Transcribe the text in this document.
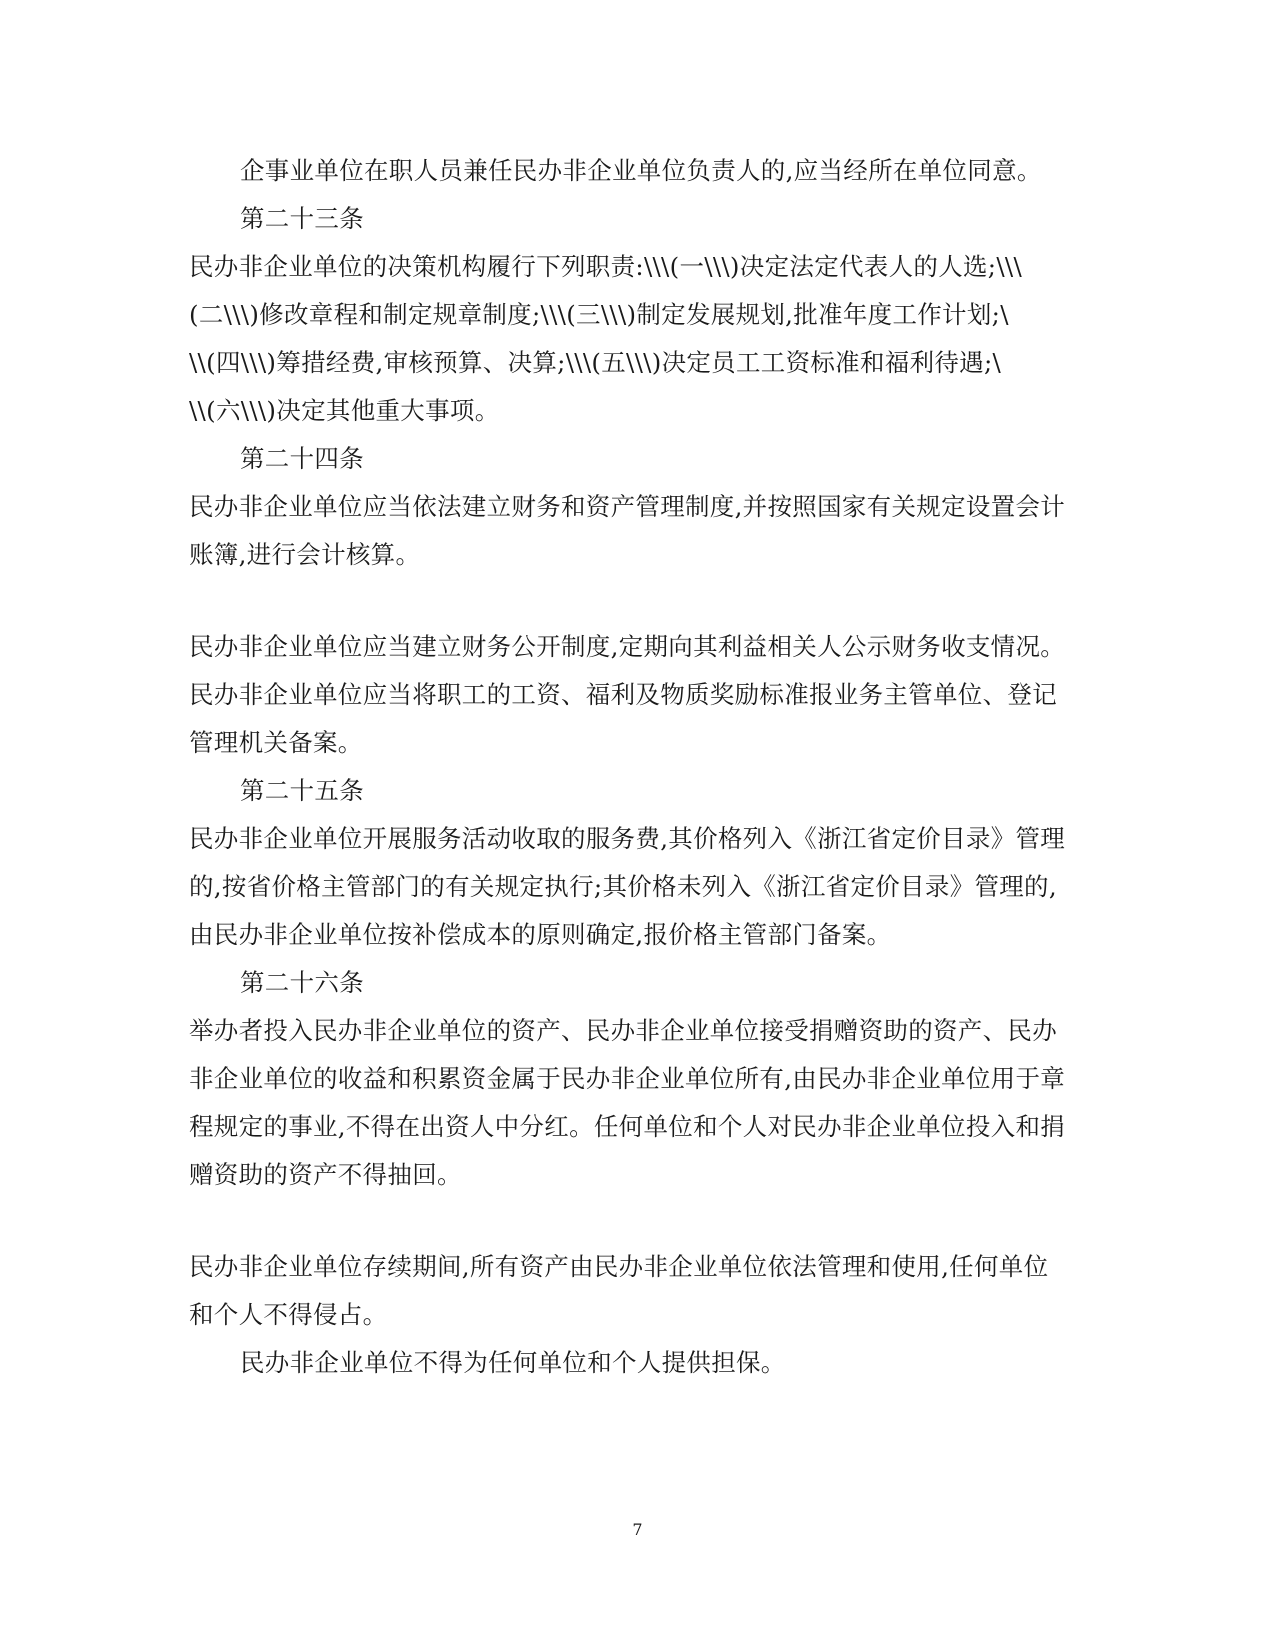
企事业单位在职人员兼任民办非企业单位负责人的,应当经所在单位同意。
第二十三条
民办非企业单位的决策机构履行下列职责:\\\(一\\\)决定法定代表人的人选;\\\
(二\\\)修改章程和制定规章制度;\\\(三\\\)制定发展规划,批准年度工作计划;\
\\(四\\\)筹措经费,审核预算、决算;\\\(五\\\)决定员工工资标准和福利待遇;\
\\(六\\\)决定其他重大事项。
第二十四条
民办非企业单位应当依法建立财务和资产管理制度,并按照国家有关规定设置会计
账簿,进行会计核算。
民办非企业单位应当建立财务公开制度,定期向其利益相关人公示财务收支情况。
民办非企业单位应当将职工的工资、福利及物质奖励标准报业务主管单位、登记
管理机关备案。
第二十五条
民办非企业单位开展服务活动收取的服务费,其价格列入《浙江省定价目录》管理
的,按省价格主管部门的有关规定执行;其价格未列入《浙江省定价目录》管理的,
由民办非企业单位按补偿成本的原则确定,报价格主管部门备案。
第二十六条
举办者投入民办非企业单位的资产、民办非企业单位接受捐赠资助的资产、民办
非企业单位的收益和积累资金属于民办非企业单位所有,由民办非企业单位用于章
程规定的事业,不得在出资人中分红。任何单位和个人对民办非企业单位投入和捐
赠资助的资产不得抽回。
民办非企业单位存续期间,所有资产由民办非企业单位依法管理和使用,任何单位
和个人不得侵占。
民办非企业单位不得为任何单位和个人提供担保。
7
